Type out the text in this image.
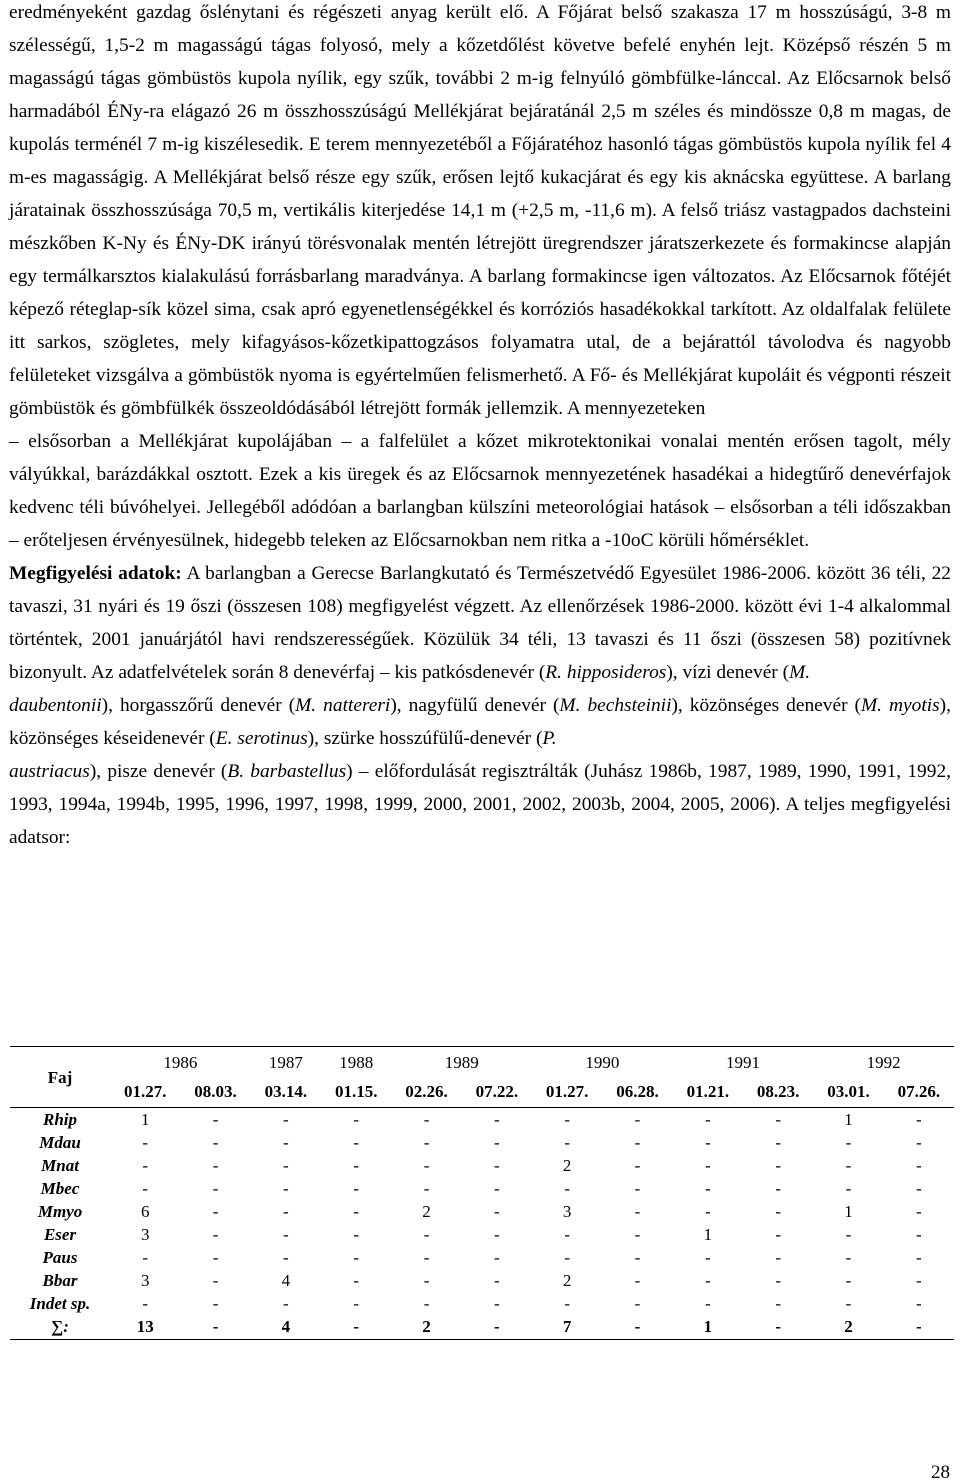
eredményeként gazdag őslénytani és régészeti anyag került elő. A Főjárat belső szakasza 17 m hosszúságú, 3-8 m szélességű, 1,5-2 m magasságú tágas folyosó, mely a kőzetdőlést követve befelé enyhén lejt. Középső részén 5 m magasságú tágas gömbüstös kupola nyílik, egy szűk, további 2 m-ig felnyúló gömbfülke-lánccal. Az Előcsarnok belső harmadából ÉNy-ra elágazó 26 m összhosszúságú Mellékjárat bejáratánál 2,5 m széles és mindössze 0,8 m magas, de kupolás terménél 7 m-ig kiszélesedik. E terem mennyezetéből a Főjáratéhoz hasonló tágas gömbüstös kupola nyílik fel 4 m-es magasságig. A Mellékjárat belső része egy szűk, erősen lejtő kukacjárat és egy kis aknácska együttese. A barlang járatainak összhosszúsága 70,5 m, vertikális kiterjedése 14,1 m (+2,5 m, -11,6 m). A felső triász vastagpados dachsteini mészkőben K-Ny és ÉNy-DK irányú törésvonalak mentén létrejött üregrendszer járatszerkezete és formakincse alapján egy termálkarsztos kialakulású forrásbarlang maradványa. A barlang formakincse igen változatos. Az Előcsarnok főtéjét képező réteglap-sík közel sima, csak apró egyenetlenségékkel és korróziós hasadékokkal tarkított. Az oldalfalak felülete itt sarkos, szögletes, mely kifagyásos-kőzetkipattogzásos folyamatra utal, de a bejárattól távolodva és nagyobb felületeket vizsgálva a gömbüstök nyoma is egyértelműen felismerhető. A Fő- és Mellékjárat kupoláit és végponti részeit gömbüstök és gömbfülkék összeoldódásából létrejött formák jellemzik. A mennyezeteken
– elsősorban a Mellékjárat kupolájában – a falfelület a kőzet mikrotektonikai vonalai mentén erősen tagolt, mély vályúkkal, barázdákkal osztott. Ezek a kis üregek és az Előcsarnok mennyezetének hasadékai a hidegtűrő denevérfajok kedvenc téli búvóhelyei. Jellegéből adódóan a barlangban külszíni meteorológiai hatások – elsősorban a téli időszakban – erőteljesen érvényesülnek, hidegebb teleken az Előcsarnokban nem ritka a -10oC körüli hőmérséklet.

Megfigyelési adatok: A barlangban a Gerecse Barlangkutató és Természetvédő Egyesület 1986-2006. között 36 téli, 22 tavaszi, 31 nyári és 19 őszi (összesen 108) megfigyelést végzett. Az ellenőrzések 1986-2000. között évi 1-4 alkalommal történtek, 2001 januárjától havi rendszerességűek. Közülük 34 téli, 13 tavaszi és 11 őszi (összesen 58) pozitívnek bizonyult. Az adatfelvételek során 8 denevérfaj – kis patkósdenevér (R. hipposideros), vízi denevér (M.
daubentonii), horgasszőrű denevér (M. nattereri), nagyfülű denevér (M. bechsteinii), közönséges denevér (M. myotis), közönséges késeidenevér (E. serotinus), szürke hosszúfülű-denevér (P.
austriacus), pisze denevér (B. barbastellus) – előfordulását regisztrálták (Juhász 1986b, 1987, 1989, 1990, 1991, 1992, 1993, 1994a, 1994b, 1995, 1996, 1997, 1998, 1999, 2000, 2001, 2002, 2003b, 2004, 2005, 2006). A teljes megfigyelési adatsor:

Faj	1986		1987	1988	1989		1990		1991		1992	
	01.27.	08.03.	03.14.	01.15.	02.26.	07.22.	01.27.	06.28.	01.21.	08.23.	03.01.	07.26.
Rhip	1	-	-	-	-	-	-	-	-	-	1	-
Mdau	-	-	-	-	-	-	-	-	-	-	-	-
Mnat	-	-	-	-	-	-	2	-	-	-	-	-
Mbec	-	-	-	-	-	-	-	-	-	-	-	-
Mmyo	6	-	-	-	2	-	3	-	-	-	1	-
Eser	3	-	-	-	-	-	-	-	1	-	-	-
Paus	-	-	-	-	-	-	-	-	-	-	-	-
Bbar	3	-	4	-	-	-	2	-	-	-	-	-
Indet sp.	-	-	-	-	-	-	-	-	-	-	-	-
∑:	13	-	4	-	2	-	7	-	1	-	2	-
28
